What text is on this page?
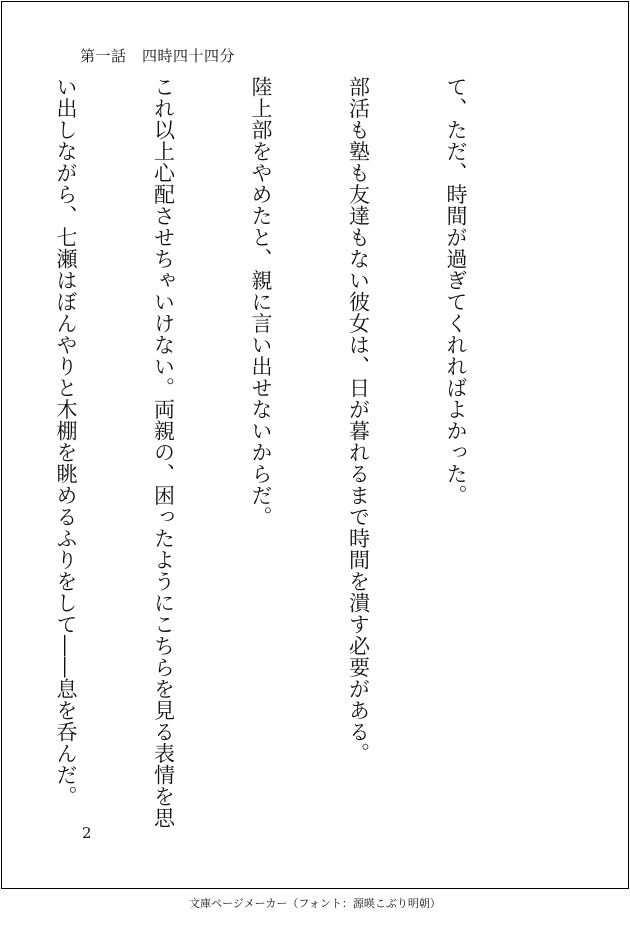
第一話　四時四十四分

て、ただ、時間が過ぎてくれればよかった。

部活も塾も友達もない彼女は、日が暮れるまで時間を潰す必要がある。

陸上部をやめたと、親に言い出せないからだ。

これ以上心配させちゃいけない。両親の、困ったようにこちらを見る表情を思

い出しながら、七瀬はぼんやりと木棚を眺めるふりをして――息を呑んだ。

2
文庫ページメーカー（フォント：源暎こぶり明朝）
